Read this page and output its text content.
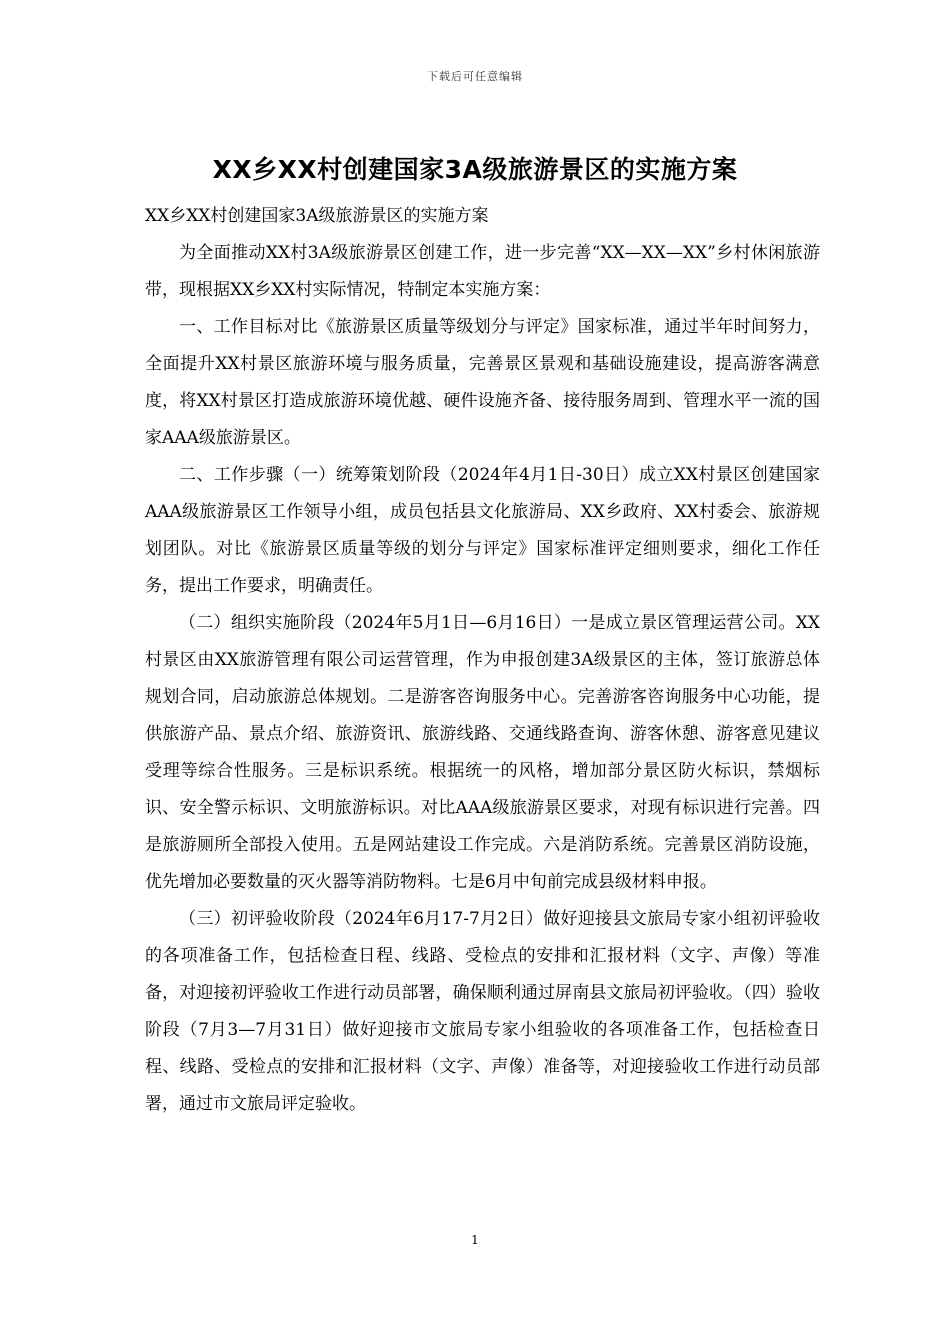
下载后可任意编辑
XX乡XX村创建国家3A级旅游景区的实施方案

XX乡XX村创建国家3A级旅游景区的实施方案

为全面推动XX村3A级旅游景区创建工作，进一步完善“XX—XX—XX”乡村休闲旅游带，现根据XX乡XX村实际情况，特制定本实施方案：

一、工作目标对比《旅游景区质量等级划分与评定》国家标准，通过半年时间努力，全面提升XX村景区旅游环境与服务质量，完善景区景观和基础设施建设，提高游客满意度，将XX村景区打造成旅游环境优越、硬件设施齐备、接待服务周到、管理水平一流的国家AAA级旅游景区。

二、工作步骤（一）统筹策划阶段（2024年4月1日-30日）成立XX村景区创建国家AAA级旅游景区工作领导小组，成员包括县文化旅游局、XX乡政府、XX村委会、旅游规划团队。对比《旅游景区质量等级的划分与评定》国家标准评定细则要求，细化工作任务，提出工作要求，明确责任。

（二）组织实施阶段（2024年5月1日—6月16日）一是成立景区管理运营公司。XX村景区由XX旅游管理有限公司运营管理，作为申报创建3A级景区的主体，签订旅游总体规划合同，启动旅游总体规划。二是游客咨询服务中心。完善游客咨询服务中心功能，提供旅游产品、景点介绍、旅游资讯、旅游线路、交通线路查询、游客休憩、游客意见建议受理等综合性服务。三是标识系统。根据统一的风格，增加部分景区防火标识，禁烟标识、安全警示标识、文明旅游标识。对比AAA级旅游景区要求，对现有标识进行完善。四是旅游厕所全部投入使用。五是网站建设工作完成。六是消防系统。完善景区消防设施，优先增加必要数量的灭火器等消防物料。七是6月中旬前完成县级材料申报。

（三）初评验收阶段（2024年6月17-7月2日）做好迎接县文旅局专家小组初评验收的各项准备工作，包括检查日程、线路、受检点的安排和汇报材料（文字、声像）等准备，对迎接初评验收工作进行动员部署，确保顺利通过屏南县文旅局初评验收。（四）验收阶段（7月3—7月31日）做好迎接市文旅局专家小组验收的各项准备工作，包括检查日程、线路、受检点的安排和汇报材料（文字、声像）准备等，对迎接验收工作进行动员部署，通过市文旅局评定验收。

1
